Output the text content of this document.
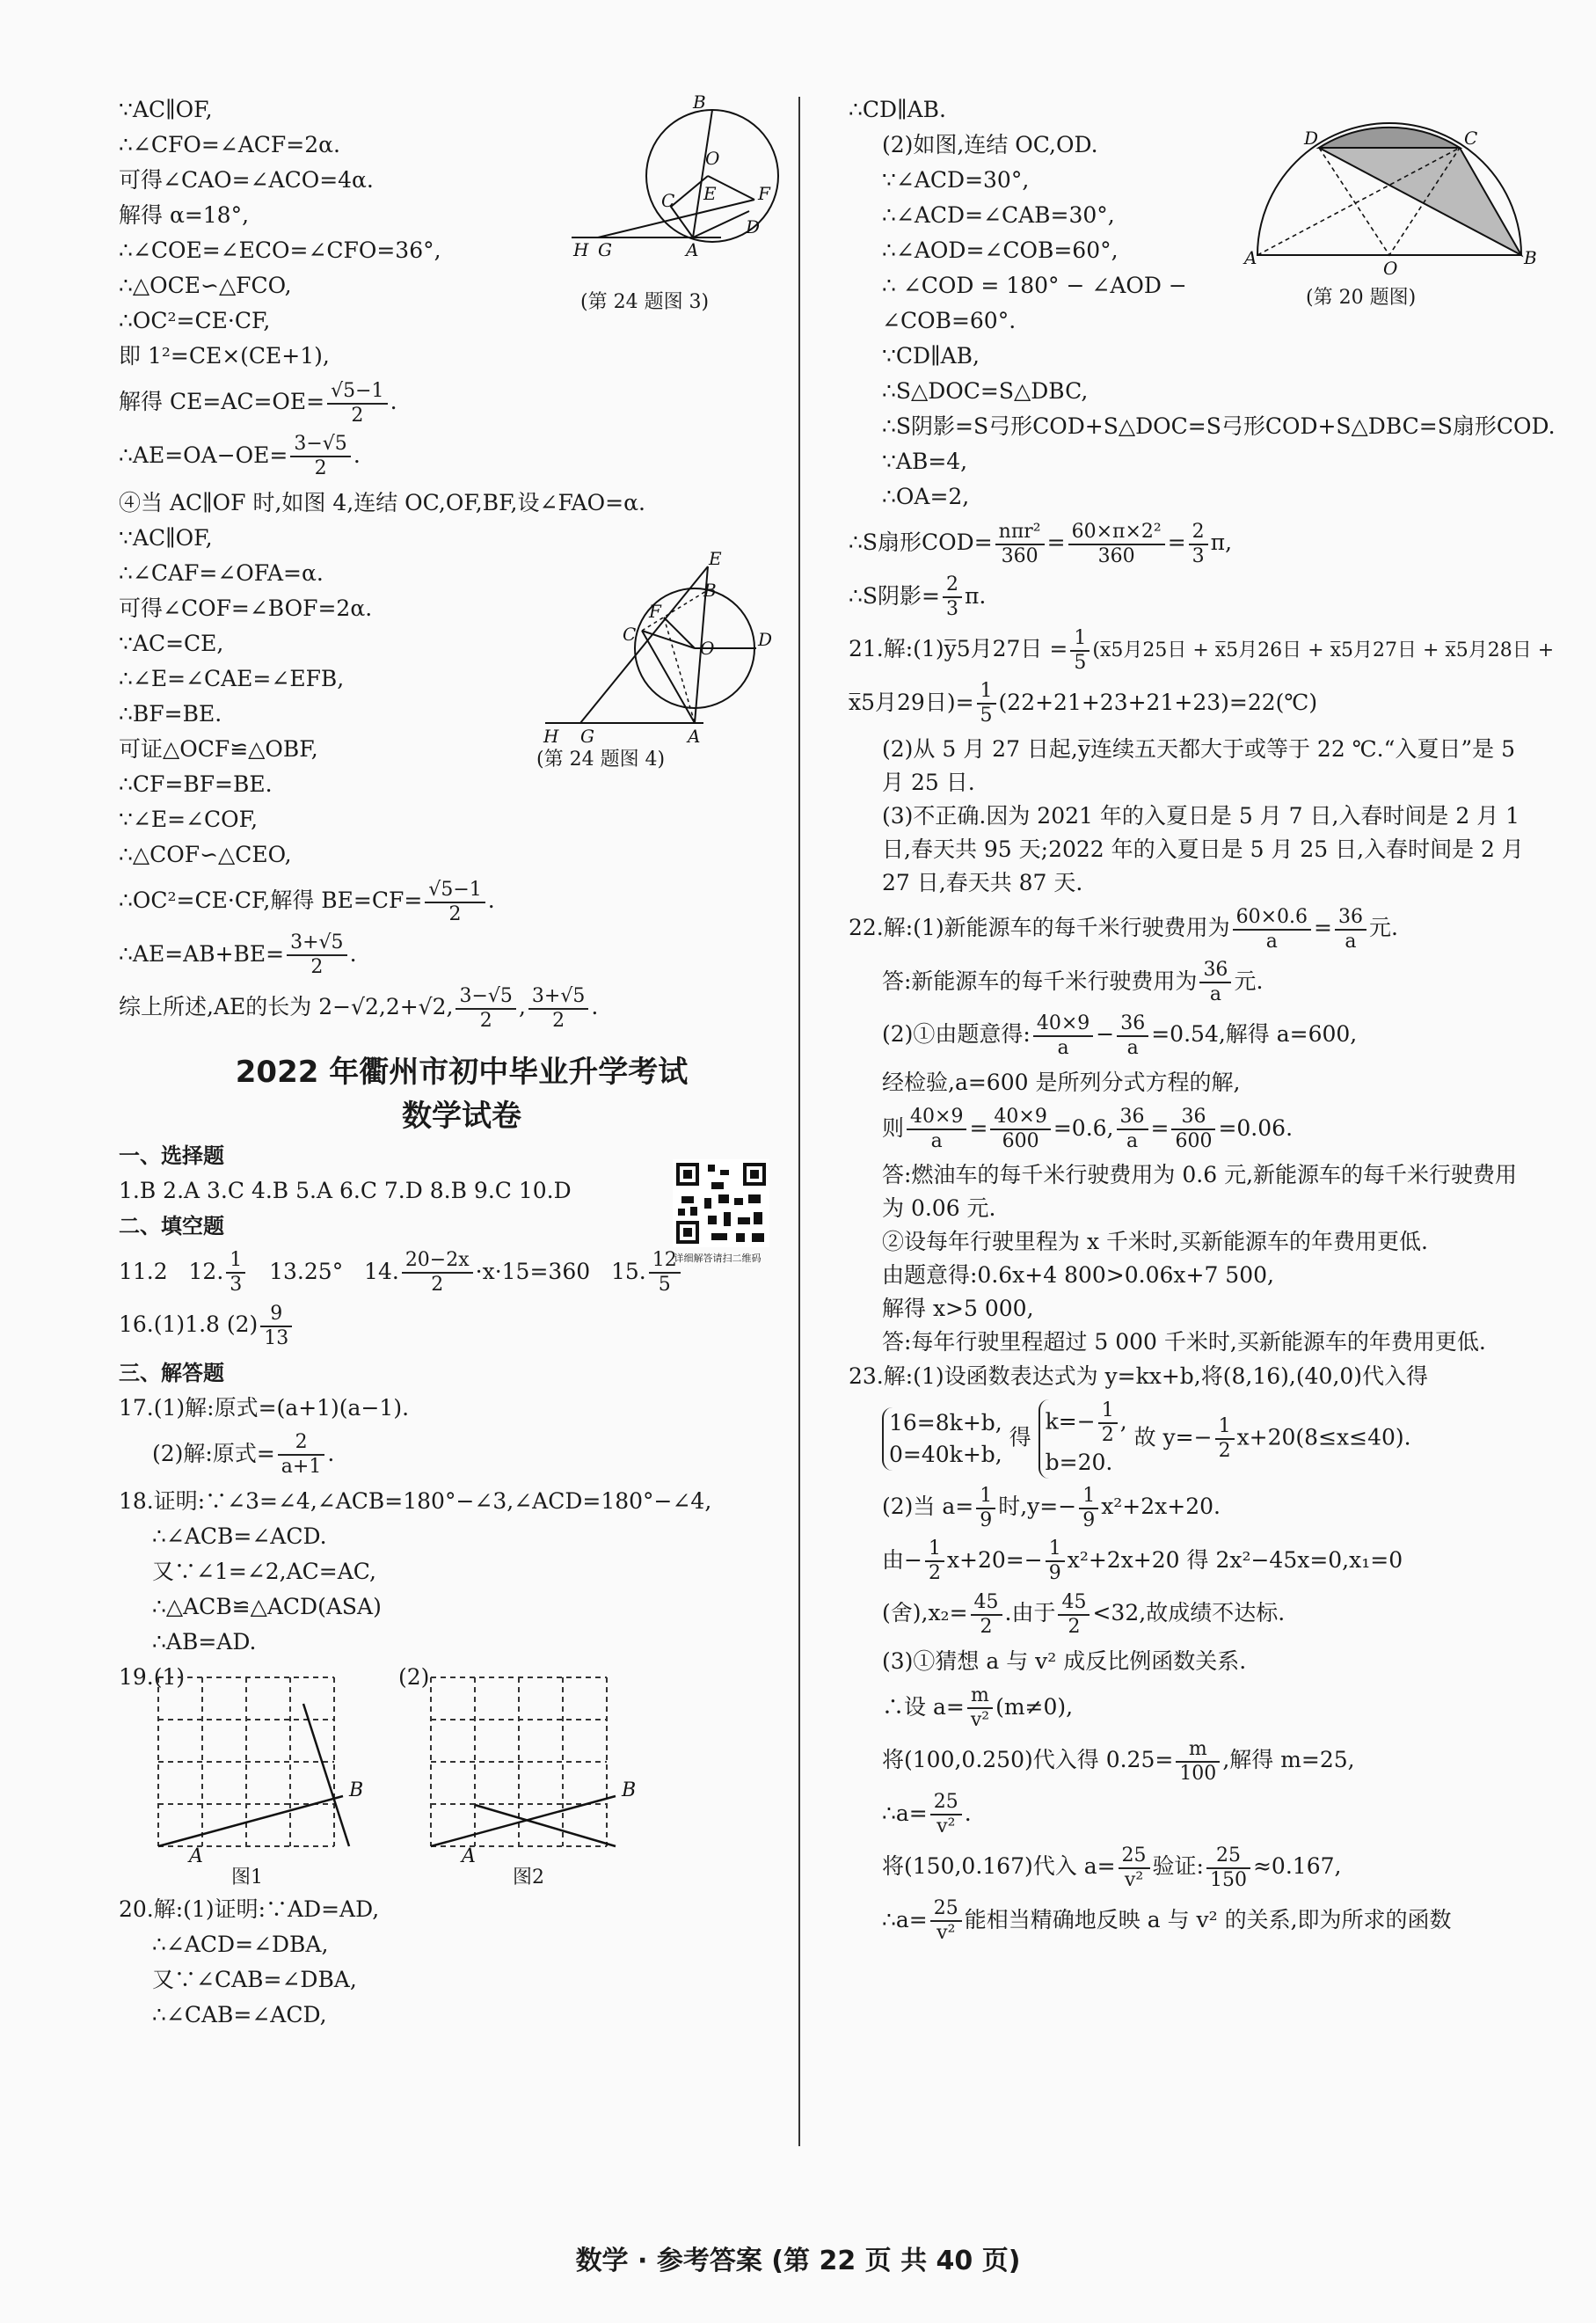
∵AC∥OF,
∴∠CFO=∠ACF=2α.
可得∠CAO=∠ACO=4α.
解得 α=18°,
∴∠COE=∠ECO=∠CFO=36°,
∴△OCE∽△FCO,
∴OC²=CE·CF,
即 1²=CE×(CE+1),
解得 $CE=AC=OE= \frac{√5-1}{2}$ .
∴AE=OA−OE= $\frac{3-√5}{2}$ .
④当 AC∥OF 时,如图 4,连结 OC,OF,BF,设∠FAO=α.
∵AC∥OF,
∴∠CAF=∠OFA=α.
可得∠COF=∠BOF=2α.
∵AC=CE,
∴∠E=∠CAE=∠EFB,
∴BF=BE.
可证△OCF≌△OBF,
∴CF=BF=BE.
∵∠E=∠COF,
∴△COF∽△CEO,
∴OC²=CE·CF,解得 $BE=CF= \frac{√5-1}{2}$ .
∴AE=AB+BE= $\frac{3+√5}{2}$ .
综上所述,AE的长为 2−√2,2+√2, $\frac{3-√5}{2}$ , $\frac{3+√5}{2}$ .
2022 年衢州市初中毕业升学考试
数学试卷
一、选择题
1.B 2.A 3.C 4.B 5.A 6.C 7.D 8.B 9.C 10.D
二、填空题
11.2 12. $\frac{1}{3} 13.25^\circ$ 14. $\frac{20-2x}{2} \cdot x\cdot 15=360$ 15. $\frac{12}{5}$
16.(1)1.8 $(2) \frac{9}{13}$
三、解答题
17.(1)解:原式=(a+1)(a−1).
(2)解:原式= $\frac{2}{a+1}$ .
18.证明:∵∠3=∠4,∠ACB=180°−∠3,∠ACD=180°−∠4,
∴∠ACB=∠ACD.
又∵∠1=∠2,AC=AC,
∴△ACB≌△ACD(ASA)
∴AB=AD.
19.(1)	(2)
A
B
A
B
图1	图2
20.解:(1)证明:∵AD=AD,
∴∠ACD=∠DBA,
又∵∠CAB=∠DBA,
∴∠CAB=∠ACD,
B
O
C E F
D
H G	A
(第 24 题图 3)
E
B
F
C
O D
H G	A
(第 24 题图 4)
详细解答请扫二维码
∴CD∥AB.
(2)如图,连结 OC,OD.
∵∠ACD=30°,
∴∠ACD=∠CAB=30°,
∴∠AOD=∠COB=60°,
∴ ∠COD = 180° − ∠AOD −
∠COB=60°.
∵CD∥AB,
∴S△DOC=S△DBC,
∴S阴影=S弓形COD+S△DOC=S弓形COD+S△DBC=S扇形COD.
∵AB=4,
∴OA=2,
∴S扇形$COD= \frac{\text{nπr²}}{360} = \frac{\text{60×π×2²}}{360} = \frac{2}{3} \pi$,
∴S阴影= $\frac{2}{3} \pi$.
21.解:(1)y̅5月27日 = $\frac{1}{5}$ (x̅5月25日 + x̅5月26日 + x̅5月27日 + x̅5月28日 +
x̅5月29日)= $\frac{1}{5}$ (22+21+23+21+23)=22(℃)
(2)从 5 月 27 日起,y̅连续五天都大于或等于 22 ℃.“入夏日”是 5 月 25 日.
(3)不正确.因为 2021 年的入夏日是 5 月 7 日,入春时间是 2 月 1 日,春天共 95 天;2022 年的入夏日是 5 月 25 日,入春时间是 2 月 27 日,春天共 87 天.
22.解:(1)新能源车的每千米行驶费用为 $\frac{60\times 0.6}{a} = \frac{36}{a}$ 元.
答:新能源车的每千米行驶费用为 $\frac{36}{a}$ 元.
(2)①由题意得: $\frac{40\times 9}{a} - \frac{36}{a} =0.54$,解得 a=600,
经检验,a=600 是所列分式方程的解,
则 $\frac{40\times 9}{a} = \frac{40\times 9}{600} =0.6$, $\frac{36}{a} = \frac{36}{600} =0.06$.
答:燃油车的每千米行驶费用为 0.6 元,新能源车的每千米行驶费用为 0.06 元.
②设每年行驶里程为 x 千米时,买新能源车的年费用更低.
由题意得:0.6x+4 800>0.06x+7 500,
解得 x>5 000,
答:每年行驶里程超过 5 000 千米时,买新能源车的年费用更低.
23.解:(1)设函数表达式为 y=kx+b,将(8,16),(40,0)代入得
16=8k+b,
0=40k+b, 得 $k=- \frac{1}{2}$ ,
b=20. 故 $y=- \frac{1}{2} x+20(8\le x\le 40)$.
(2)当 $a= \frac{1}{9}$ 时$,y=- \frac{1}{9} x^2+2x+20$.
由− $\frac{1}{2} x+20=- \frac{1}{9} x^2+2x+20$ 得 2x²−45x=0,x₁=0
(舍)$,x_2= \frac{45}{2}$ .由于 $\frac{45}{2} <32$,故成绩不达标.
(3)①猜想 a 与 v² 成反比例函数关系.
∴设 $a= \frac{m}{\text{v²}} (m\ne 0)$,
将(100,0.250)代入得 $0.25= \frac{m}{100}$ ,解得 m=25,
∴a= $\frac{25}{\text{v²}}$ .
将(150,0.167)代入 $a= \frac{25}{\text{v²}}$ 验证: $\frac{25}{150} \approx 0.167$,
∴a= $\frac{25}{\text{v²}}$ 能相当精确地反映 a 与 v² 的关系,即为所求的函数
D	C
A	B
O
(第 20 题图)
数学 · 参考答案 (第 22 页 共 40 页)
